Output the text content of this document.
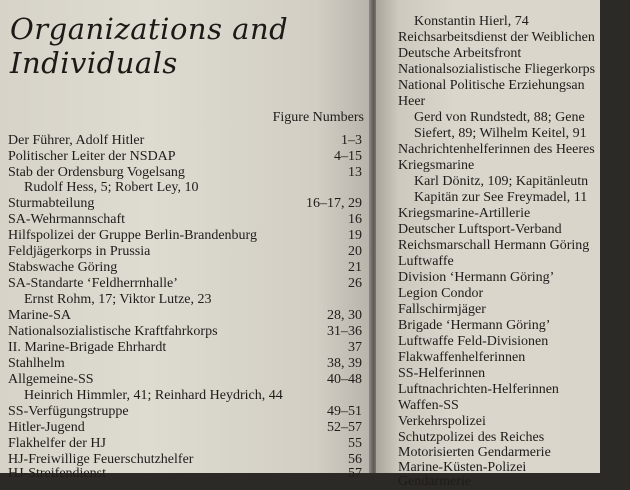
Organizations and
Individuals
Figure Numbers
Der Führer, Adolf Hitler	1–3
Politischer Leiter der NSDAP	4–15
Stab der Ordensburg Vogelsang	13
Rudolf Hess, 5; Robert Ley, 10
Sturmabteilung	16–17, 29
SA-Wehrmannschaft	16
Hilfspolizei der Gruppe Berlin-Brandenburg	19
Feldjägerkorps in Prussia	20
Stabswache Göring	21
SA-Standarte ‘Feldherrnhalle’	26
Ernst Rohm, 17; Viktor Lutze, 23
Marine-SA	28, 30
Nationalsozialistische Kraftfahrkorps	31–36
II. Marine-Brigade Ehrhardt	37
Stahlhelm	38, 39
Allgemeine-SS	40–48
Heinrich Himmler, 41; Reinhard Heydrich, 44
SS-Verfügungstruppe	49–51
Hitler-Jugend	52–57
Flakhelfer der HJ	55
HJ-Freiwillige Feuerschutzhelfer	56
HJ-Streifendienst	57
Konstantin Hierl, 74
Reichsarbeitsdienst der Weiblichen
Deutsche Arbeitsfront
Nationalsozialistische Fliegerkorps
National Politische Erziehungsan
Heer
Gerd von Rundstedt, 88; Gene
Siefert, 89; Wilhelm Keitel, 91
Nachrichtenhelferinnen des Heeres
Kriegsmarine
Karl Dönitz, 109; Kapitänleutn
Kapitän zur See Freymadel, 11
Kriegsmarine-Artillerie
Deutscher Luftsport-Verband
Reichsmarschall Hermann Göring
Luftwaffe
Division ‘Hermann Göring’
Legion Condor
Fallschirmjäger
Brigade ‘Hermann Göring’
Luftwaffe Feld-Divisionen
Flakwaffenhelferinnen
SS-Helferinnen
Luftnachrichten-Helferinnen
Waffen-SS
Verkehrspolizei
Schutzpolizei des Reiches
Motorisierten Gendarmerie
Marine-Küsten-Polizei
Gendarmerie
